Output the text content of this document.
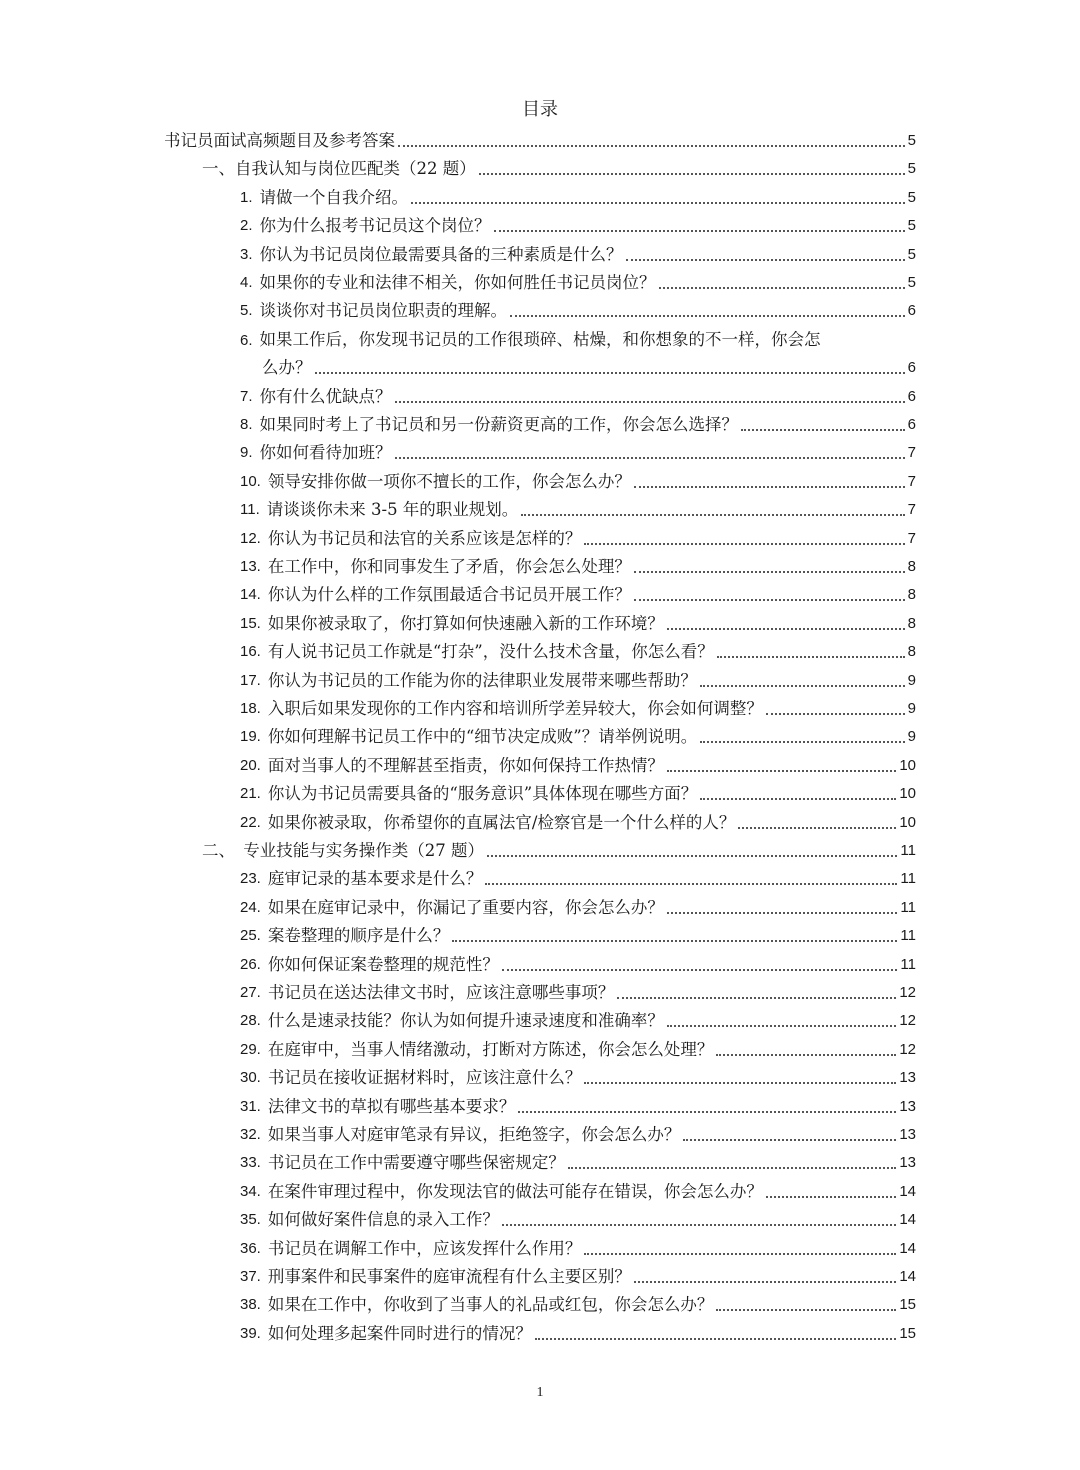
目录
书记员面试高频题目及参考答案	5
一、自我认知与岗位匹配类（22 题）	5
1. 请做一个自我介绍。	5
2. 你为什么报考书记员这个岗位？	5
3. 你认为书记员岗位最需要具备的三种素质是什么？	5
4. 如果你的专业和法律不相关，你如何胜任书记员岗位？	5
5. 谈谈你对书记员岗位职责的理解。	6
6. 如果工作后，你发现书记员的工作很琐碎、枯燥，和你想象的不一样，你会怎
么办？	6
7. 你有什么优缺点？	6
8. 如果同时考上了书记员和另一份薪资更高的工作，你会怎么选择？	6
9. 你如何看待加班？	7
10. 领导安排你做一项你不擅长的工作，你会怎么办？	7
11. 请谈谈你未来 3-5 年的职业规划。	7
12. 你认为书记员和法官的关系应该是怎样的？	7
13. 在工作中，你和同事发生了矛盾，你会怎么处理？	8
14. 你认为什么样的工作氛围最适合书记员开展工作？	8
15. 如果你被录取了，你打算如何快速融入新的工作环境？	8
16. 有人说书记员工作就是“打杂”，没什么技术含量，你怎么看？	8
17. 你认为书记员的工作能为你的法律职业发展带来哪些帮助？	9
18. 入职后如果发现你的工作内容和培训所学差异较大，你会如何调整？	9
19. 你如何理解书记员工作中的“细节决定成败”？请举例说明。	9
20. 面对当事人的不理解甚至指责，你如何保持工作热情？	10
21. 你认为书记员需要具备的“服务意识”具体体现在哪些方面？	10
22. 如果你被录取，你希望你的直属法官/检察官是一个什么样的人？	10
二、　专业技能与实务操作类（27 题）	11
23. 庭审记录的基本要求是什么？	11
24. 如果在庭审记录中，你漏记了重要内容，你会怎么办？	11
25. 案卷整理的顺序是什么？	11
26. 你如何保证案卷整理的规范性？	11
27. 书记员在送达法律文书时，应该注意哪些事项？	12
28. 什么是速录技能？你认为如何提升速录速度和准确率？	12
29. 在庭审中，当事人情绪激动，打断对方陈述，你会怎么处理？	12
30. 书记员在接收证据材料时，应该注意什么？	13
31. 法律文书的草拟有哪些基本要求？	13
32. 如果当事人对庭审笔录有异议，拒绝签字，你会怎么办？	13
33. 书记员在工作中需要遵守哪些保密规定？	13
34. 在案件审理过程中，你发现法官的做法可能存在错误，你会怎么办？	14
35. 如何做好案件信息的录入工作？	14
36. 书记员在调解工作中，应该发挥什么作用？	14
37. 刑事案件和民事案件的庭审流程有什么主要区别？	14
38. 如果在工作中，你收到了当事人的礼品或红包，你会怎么办？	15
39. 如何处理多起案件同时进行的情况？	15
1
